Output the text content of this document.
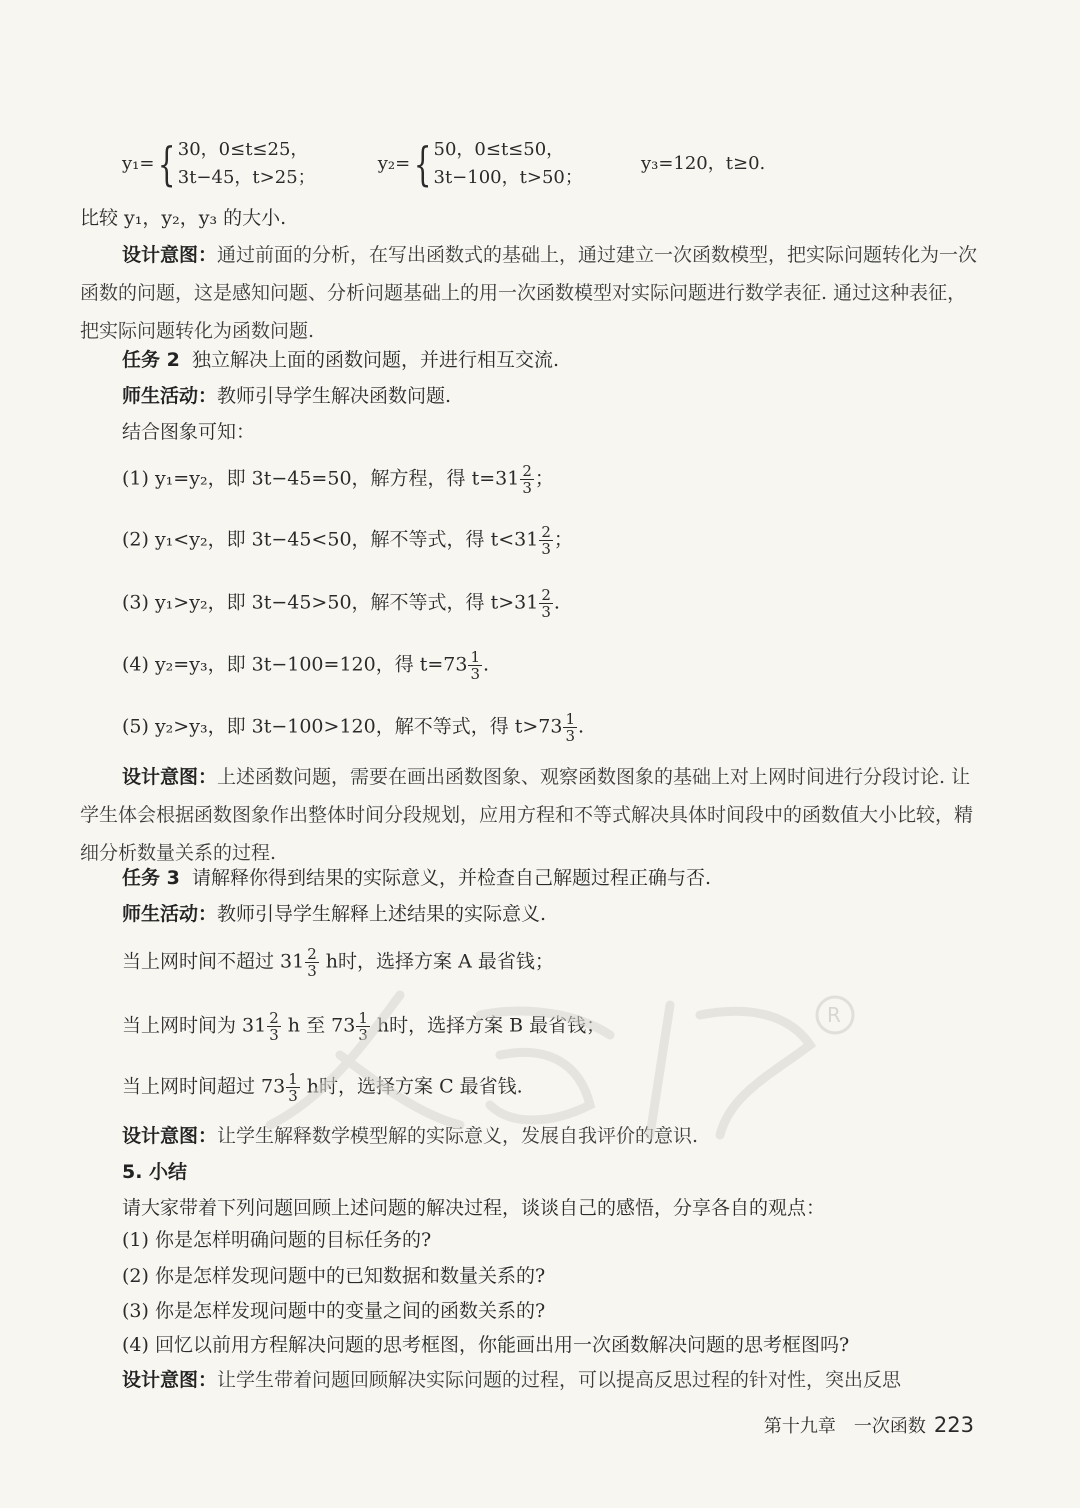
y₁={ 30，0≤t≤25，
3t−45，t>25；
y₂={ 50，0≤t≤50，
3t−100，t>50；
y₃=120，t≥0.
比较 y₁，y₂，y₃ 的大小.
设计意图：通过前面的分析，在写出函数式的基础上，通过建立一次函数模型，把实际问题转化为一次函数的问题，这是感知问题、分析问题基础上的用一次函数模型对实际问题进行数学表征. 通过这种表征，把实际问题转化为函数问题.
任务 2 独立解决上面的函数问题，并进行相互交流.
师生活动：教师引导学生解决函数问题.
结合图象可知：
(1) y₁=y₂，即 3t−45=50，解方程，得 $t=31 \frac{2}{3}$ ；
(2) y₁<y₂，即 3t−45<50，解不等式，得 $t<31 \frac{2}{3}$ ；
(3) y₁>y₂，即 3t−45>50，解不等式，得 $t>31 \frac{2}{3}$ .
(4) y₂=y₃，即 3t−100=120，得 $t=73 \frac{1}{3}$ .
(5) y₂>y₃，即 3t−100>120，解不等式，得 $t>73 \frac{1}{3}$ .
设计意图：上述函数问题，需要在画出函数图象、观察函数图象的基础上对上网时间进行分段讨论. 让学生体会根据函数图象作出整体时间分段规划，应用方程和不等式解决具体时间段中的函数值大小比较，精细分析数量关系的过程.
任务 3 请解释你得到结果的实际意义，并检查自己解题过程正确与否.
师生活动：教师引导学生解释上述结果的实际意义.
当上网时间不超过 $31 \frac{2}{3}$ h时，选择方案 A 最省钱；
当上网时间为 $31 \frac{2}{3}$ h 至 $73 \frac{1}{3}$ h时，选择方案 B 最省钱；
当上网时间超过 $73 \frac{1}{3}$ h时，选择方案 C 最省钱.
设计意图：让学生解释数学模型解的实际意义，发展自我评价的意识.
5. 小结
请大家带着下列问题回顾上述问题的解决过程，谈谈自己的感悟，分享各自的观点：
(1) 你是怎样明确问题的目标任务的?
(2) 你是怎样发现问题中的已知数据和数量关系的?
(3) 你是怎样发现问题中的变量之间的函数关系的?
(4) 回忆以前用方程解决问题的思考框图，你能画出用一次函数解决问题的思考框图吗?
设计意图：让学生带着问题回顾解决实际问题的过程，可以提高反思过程的针对性，突出反思
R
第十九章　一次函数 223
